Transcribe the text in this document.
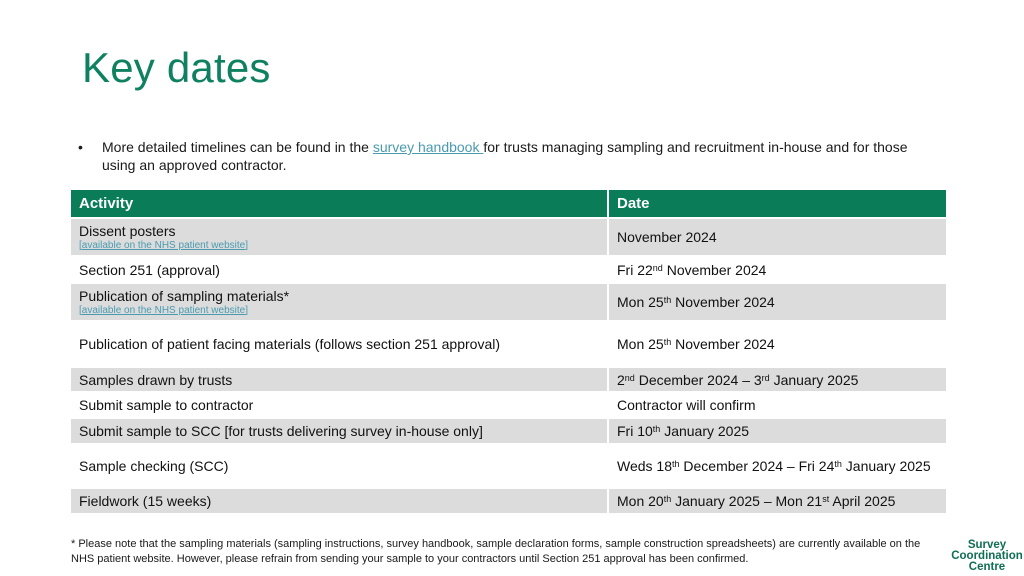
Key dates
• More detailed timelines can be found in the survey handbook for trusts managing sampling and recruitment in-house and for those using an approved contractor.
Activity	Date

Dissent posters
[available on the NHS patient website]	November 2024
Section 251 (approval)	Fri 22nd November 2024

Publication of sampling materials*
[available on the NHS patient website]	Mon 25th November 2024
Publication of patient facing materials (follows section 251 approval)	Mon 25th November 2024
Samples drawn by trusts	2nd December 2024 – 3rd January 2025
Submit sample to contractor	Contractor will confirm
Submit sample to SCC [for trusts delivering survey in-house only]	Fri 10th January 2025
Sample checking (SCC)	Weds 18th December 2024 – Fri 24th January 2025
Fieldwork (15 weeks)	Mon 20th January 2025 – Mon 21st April 2025
* Please note that the sampling materials (sampling instructions, survey handbook, sample declaration forms, sample construction spreadsheets) are currently available on the NHS patient website. However, please refrain from sending your sample to your contractors until Section 251 approval has been confirmed.
Survey
Coordination
Centre
